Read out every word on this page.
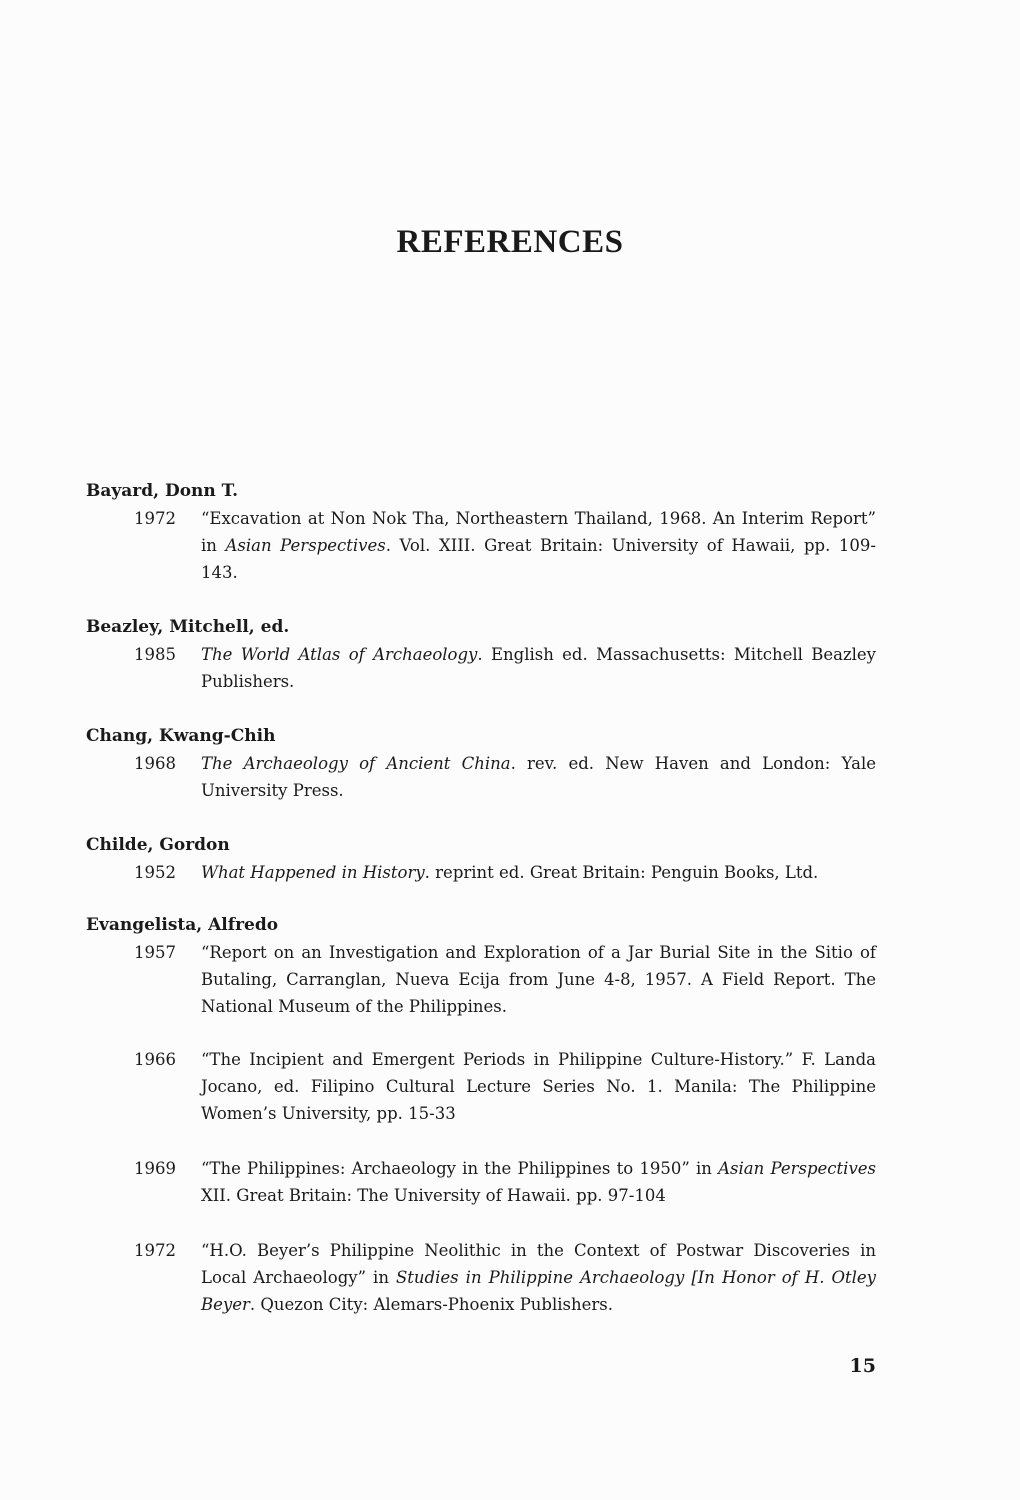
REFERENCES
Bayard, Donn T.
1972	“Excavation at Non Nok Tha, Northeastern Thailand, 1968. An Interim Report” in Asian Perspectives. Vol. XIII. Great Britain: University of Hawaii, pp. 109-143.
Beazley, Mitchell, ed.
1985	The World Atlas of Archaeology. English ed. Massachusetts: Mitchell Beazley Publishers.
Chang, Kwang-Chih
1968	The Archaeology of Ancient China. rev. ed. New Haven and London: Yale University Press.
Childe, Gordon
1952	What Happened in History. reprint ed. Great Britain: Penguin Books, Ltd.
Evangelista, Alfredo
1957	“Report on an Investigation and Exploration of a Jar Burial Site in the Sitio of Butaling, Carranglan, Nueva Ecija from June 4-8, 1957. A Field Report. The National Museum of the Philippines.
1966	“The Incipient and Emergent Periods in Philippine Culture-History.” F. Landa Jocano, ed. Filipino Cultural Lecture Series No. 1. Manila: The Philippine Women’s University, pp. 15-33
1969	“The Philippines: Archaeology in the Philippines to 1950” in Asian Perspectives XII. Great Britain: The University of Hawaii. pp. 97-104
1972	“H.O. Beyer’s Philippine Neolithic in the Context of Postwar Discoveries in Local Archaeology” in Studies in Philippine Archaeology [In Honor of H. Otley Beyer. Quezon City: Alemars-Phoenix Publishers.
15
